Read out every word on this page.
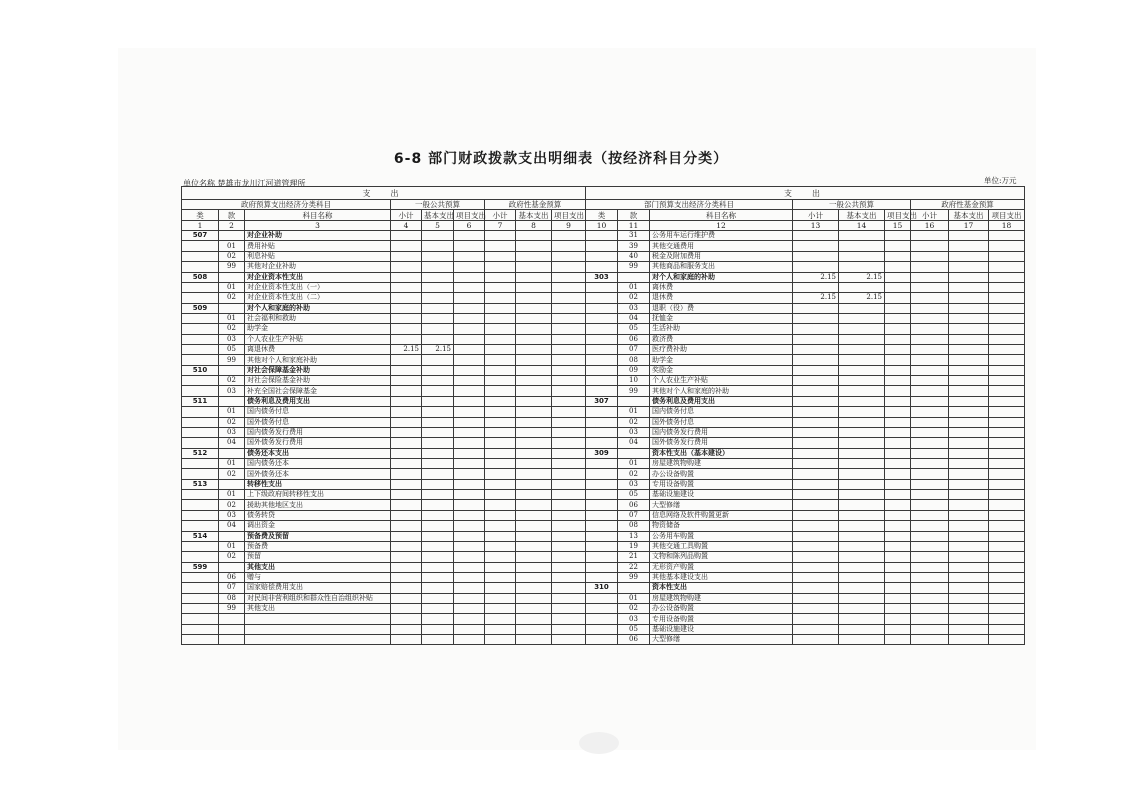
6-8 部门财政拨款支出明细表（按经济科目分类）
单位名称 楚雄市龙川江河道管理所	单位:万元
支　出								
政府预算支出经济分类科目			一般公共预算			政府性基金预算		
类	款	科目名称	小计	基本支出	项目支出	小计	基本支出	项目支出
1	2	3	4	5	6	7	8	9
507		对企业补助						
	01	费用补贴						
	02	利息补贴						
	99	其他对企业补助						
508		对企业资本性支出						
	01	对企业资本性支出（一）						
	02	对企业资本性支出（二）						
509		对个人和家庭的补助						
	01	社会福利和救助						
	02	助学金						
	03	个人农业生产补贴						
	05	离退休费	2.15	2.15				
	99	其他对个人和家庭补助						
510		对社会保障基金补助						
	02	对社会保险基金补助						
	03	补充全国社会保障基金						
511		债务利息及费用支出						
	01	国内债务付息						
	02	国外债务付息						
	03	国内债务发行费用						
	04	国外债务发行费用						
512		债务还本支出						
	01	国内债务还本						
	02	国外债务还本						
513		转移性支出						
	01	上下级政府间转移性支出						
	02	援助其他地区支出						
	03	债务转贷						
	04	调出资金						
514		预备费及预留						
	01	预备费						
	02	预留						
599		其他支出						
	06	赠与						
	07	国家赔偿费用支出						
	08	对民间非营利组织和群众性自治组织补贴						
	99	其他支出						

支　出								
部门预算支出经济分类科目			一般公共预算			政府性基金预算		
类	款	科目名称	小计	基本支出	项目支出	小计	基本支出	项目支出
10	11	12	13	14	15	16	17	18
	31	公务用车运行维护费						
	39	其他交通费用						
	40	税金及附加费用						
	99	其他商品和服务支出						
303		对个人和家庭的补助	2.15	2.15				
	01	离休费						
	02	退休费	2.15	2.15				
	03	退职（役）费						
	04	抚恤金						
	05	生活补助						
	06	救济费						
	07	医疗费补助						
	08	助学金						
	09	奖励金						
	10	个人农业生产补贴						
	99	其他对个人和家庭的补助						
307		债务利息及费用支出						
	01	国内债务付息						
	02	国外债务付息						
	03	国内债务发行费用						
	04	国外债务发行费用						
309		资本性支出（基本建设）						
	01	房屋建筑物购建						
	02	办公设备购置						
	03	专用设备购置						
	05	基础设施建设						
	06	大型修缮						
	07	信息网络及软件购置更新						
	08	物资储备						
	13	公务用车购置						
	19	其他交通工具购置						
	21	文物和陈列品购置						
	22	无形资产购置						
	99	其他基本建设支出						
310		资本性支出						
	01	房屋建筑物购建						
	02	办公设备购置						
	03	专用设备购置						
	05	基础设施建设						
	06	大型修缮						
